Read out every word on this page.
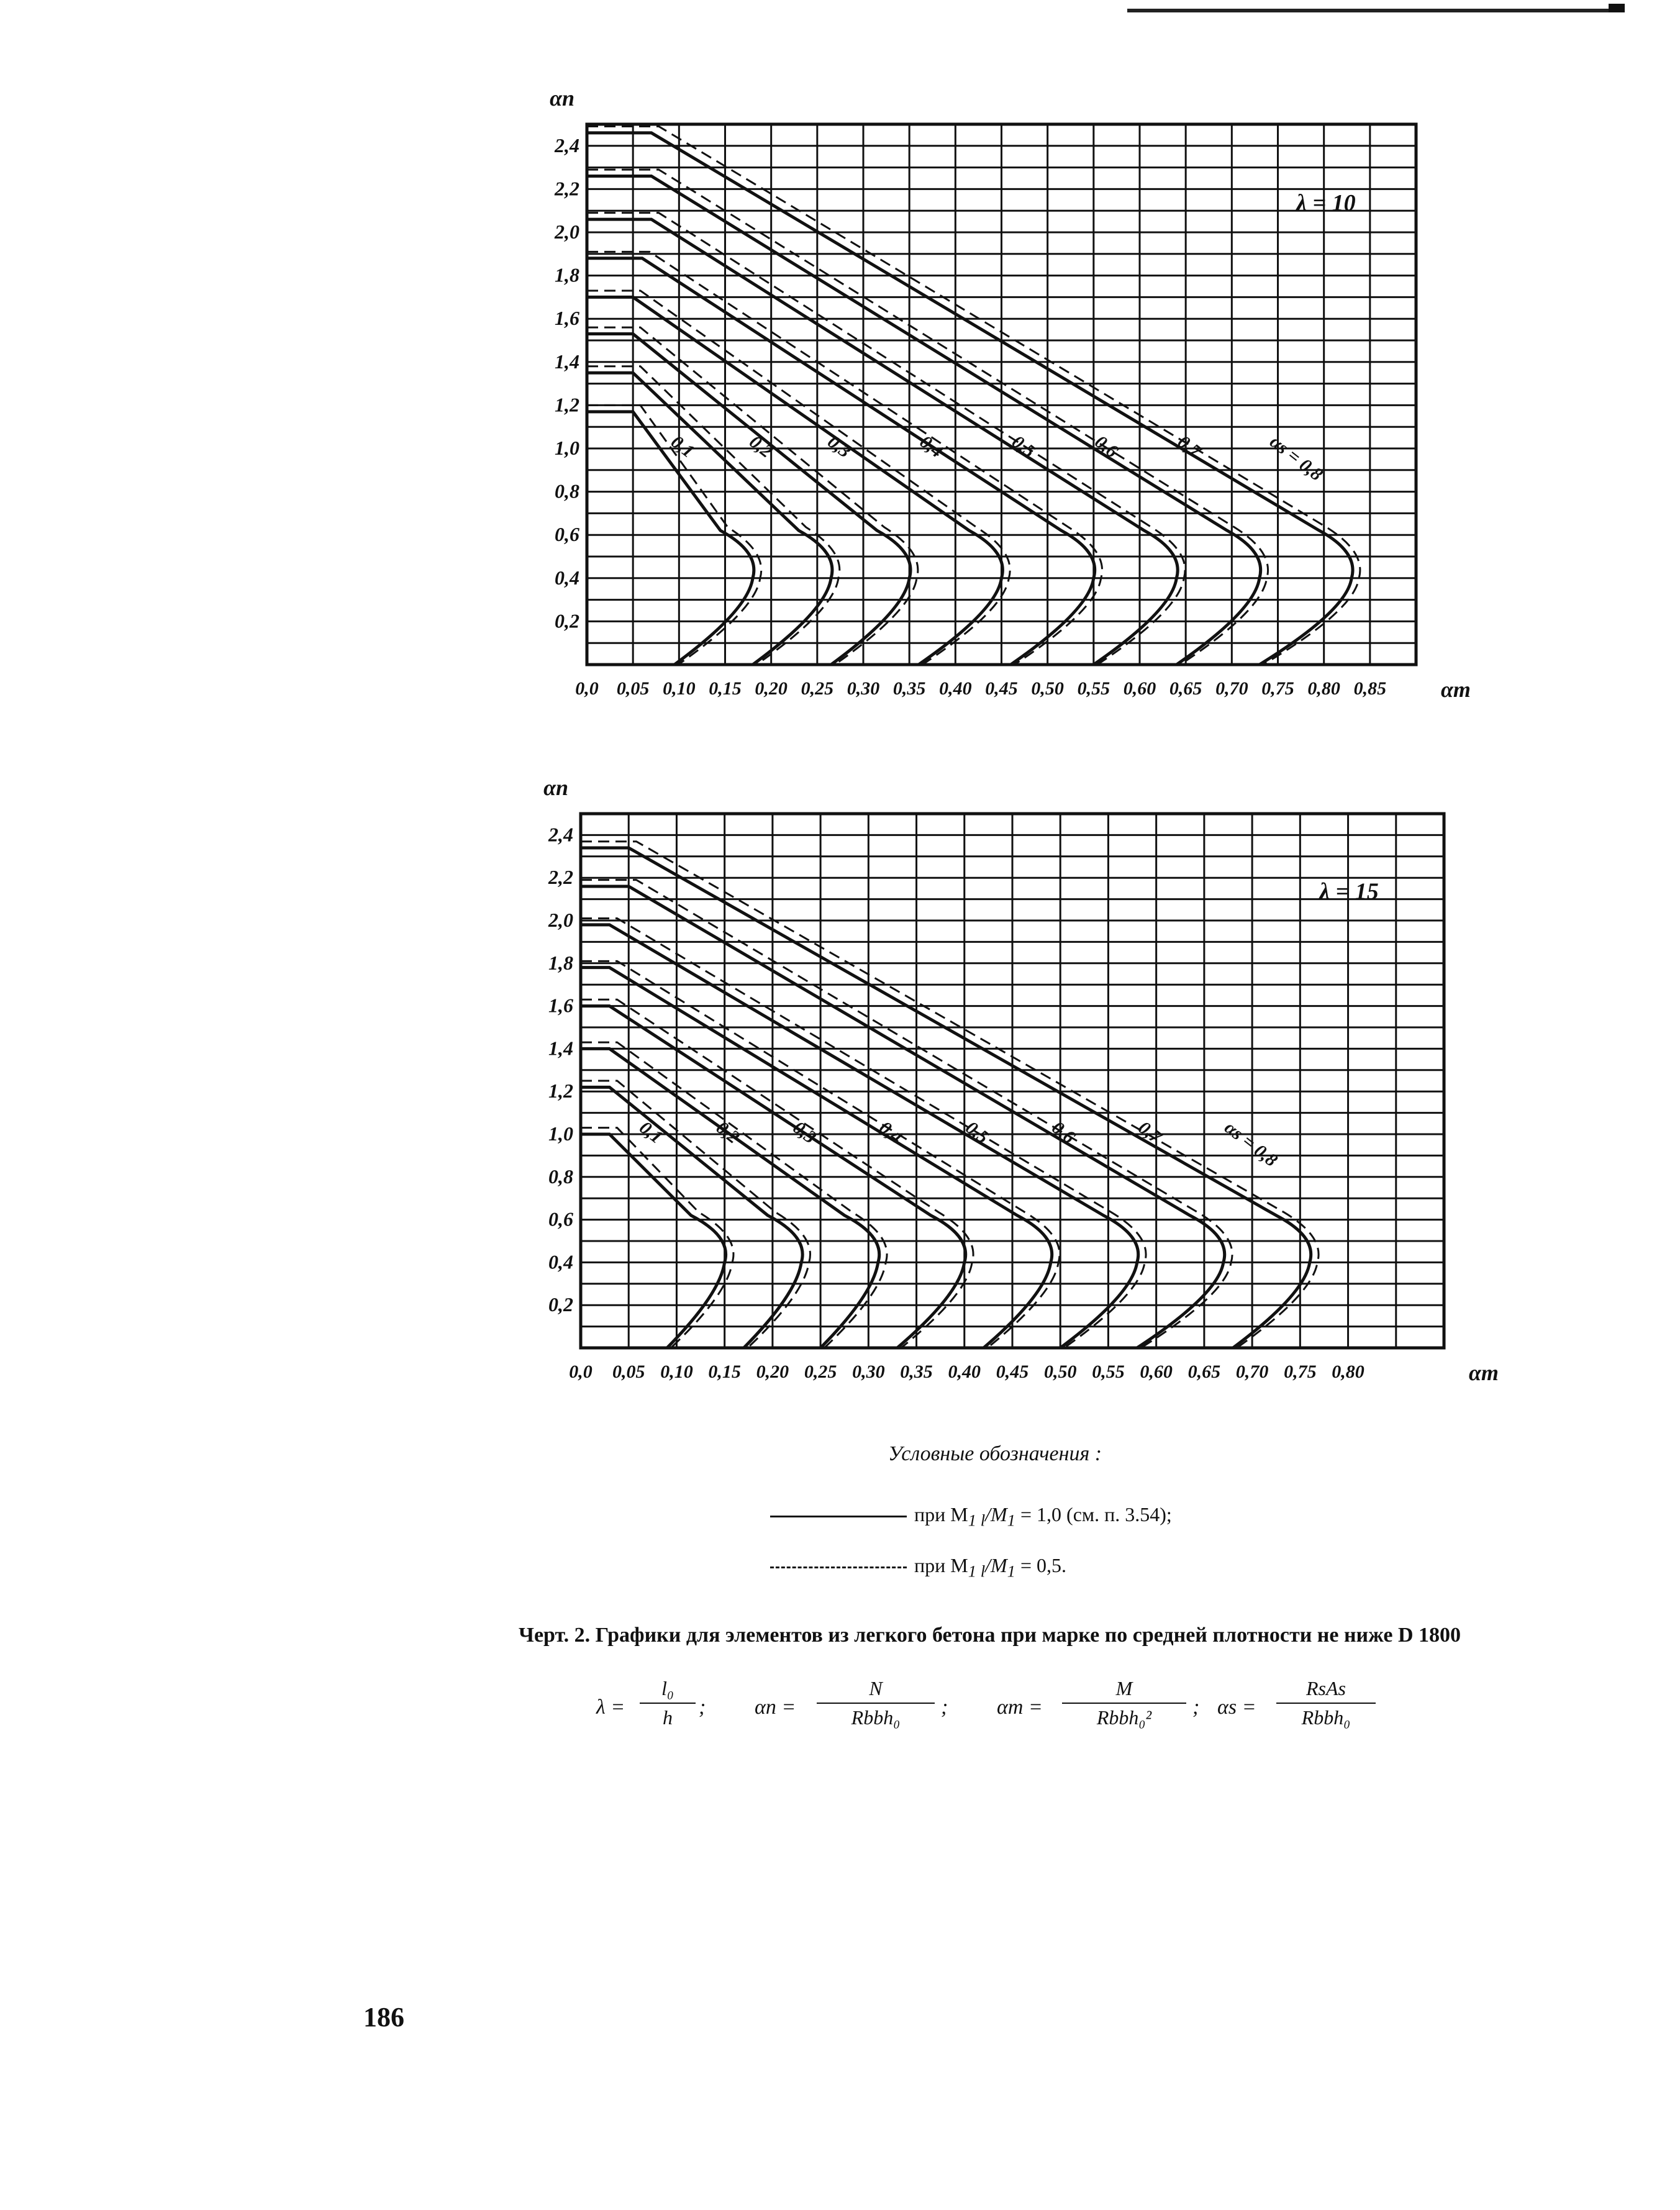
0,0 0,05 0,10 0,15 0,20 0,25 0,30 0,35 0,40 0,45 0,50 0,55 0,60 0,65 0,70 0,75 0,80 0,85
0,2
0,4
0,6
0,8
1,0
1,2
1,4
1,6
1,8
2,0
2,2
2,4
αm
αn
λ = 10
0,1	0,2	0,3	0,4	0,5	0,6	0,7	αs = 0,8
0,0 0,05 0,10 0,15 0,20 0,25 0,30 0,35 0,40 0,45 0,50 0,55 0,60 0,65 0,70 0,75 0,80
0,2
0,4
0,6
0,8
1,0
1,2
1,4
1,6
1,8
2,0
2,2
2,4
αm
αn
λ = 15
0,1 0,2 0,3	0,4	0,5	0,6	0,7	αs = 0,8
Условные обозначения :
при $M_{1 l}/M_1 = 1,0$ (см. п. 3.54);
при $M_{1 l}/M_1 = 0,5$.
Черт. 2. Графики для элементов из легкого бетона при марке по средней плотности не ниже D 1800
$\lambda = \frac{\text{l₀}}{h}$ ; αn =
N
Rbbh₀	; αm =
M
Rbbh₀²	; αs =
RsAs
Rbbh₀
186
